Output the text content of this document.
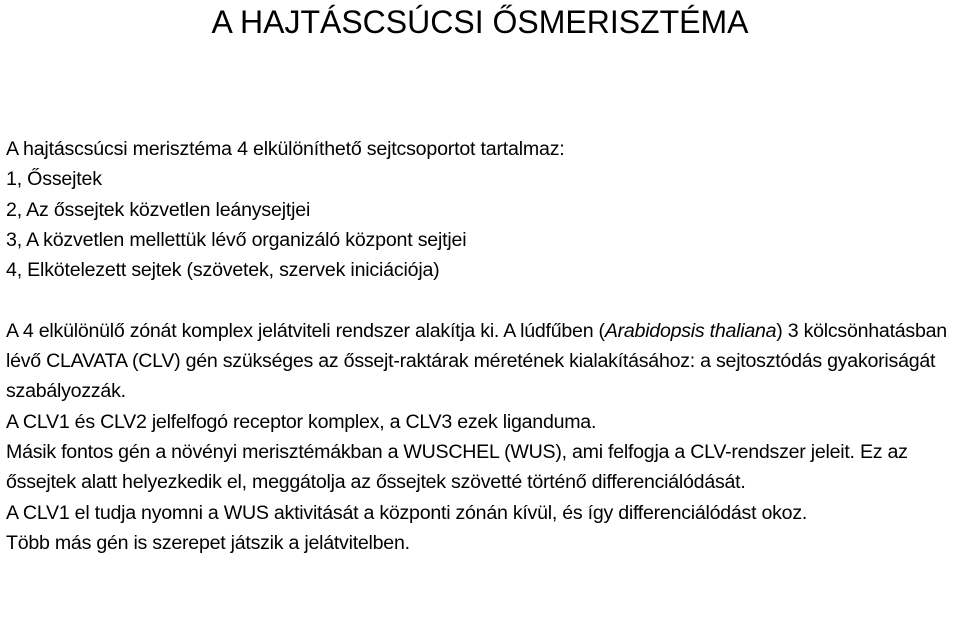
A HAJTÁSCSÚCSI ŐSMERISZTÉMA

A hajtáscsúcsi merisztéma 4 elkülöníthető sejtcsoportot tartalmaz:

1, Őssejtek

2, Az őssejtek közvetlen leánysejtjei

3, A közvetlen mellettük lévő organizáló központ sejtjei

4, Elkötelezett sejtek (szövetek, szervek iniciációja)

A 4 elkülönülő zónát komplex jelátviteli rendszer alakítja ki. A lúdfűben (Arabidopsis thaliana) 3 kölcsönhatásban lévő CLAVATA (CLV) gén szükséges az őssejt-raktárak méretének kialakításához: a sejtosztódás gyakoriságát szabályozzák.

A CLV1 és CLV2 jelfelfogó receptor komplex, a CLV3 ezek liganduma.

Másik fontos gén a növényi merisztémákban a WUSCHEL (WUS), ami felfogja a CLV-rendszer jeleit. Ez az őssejtek alatt helyezkedik el, meggátolja az őssejtek szövetté történő differenciálódását.

A CLV1 el tudja nyomni a WUS aktivitását a központi zónán kívül, és így differenciálódást okoz.

Több más gén is szerepet játszik a jelátvitelben.
